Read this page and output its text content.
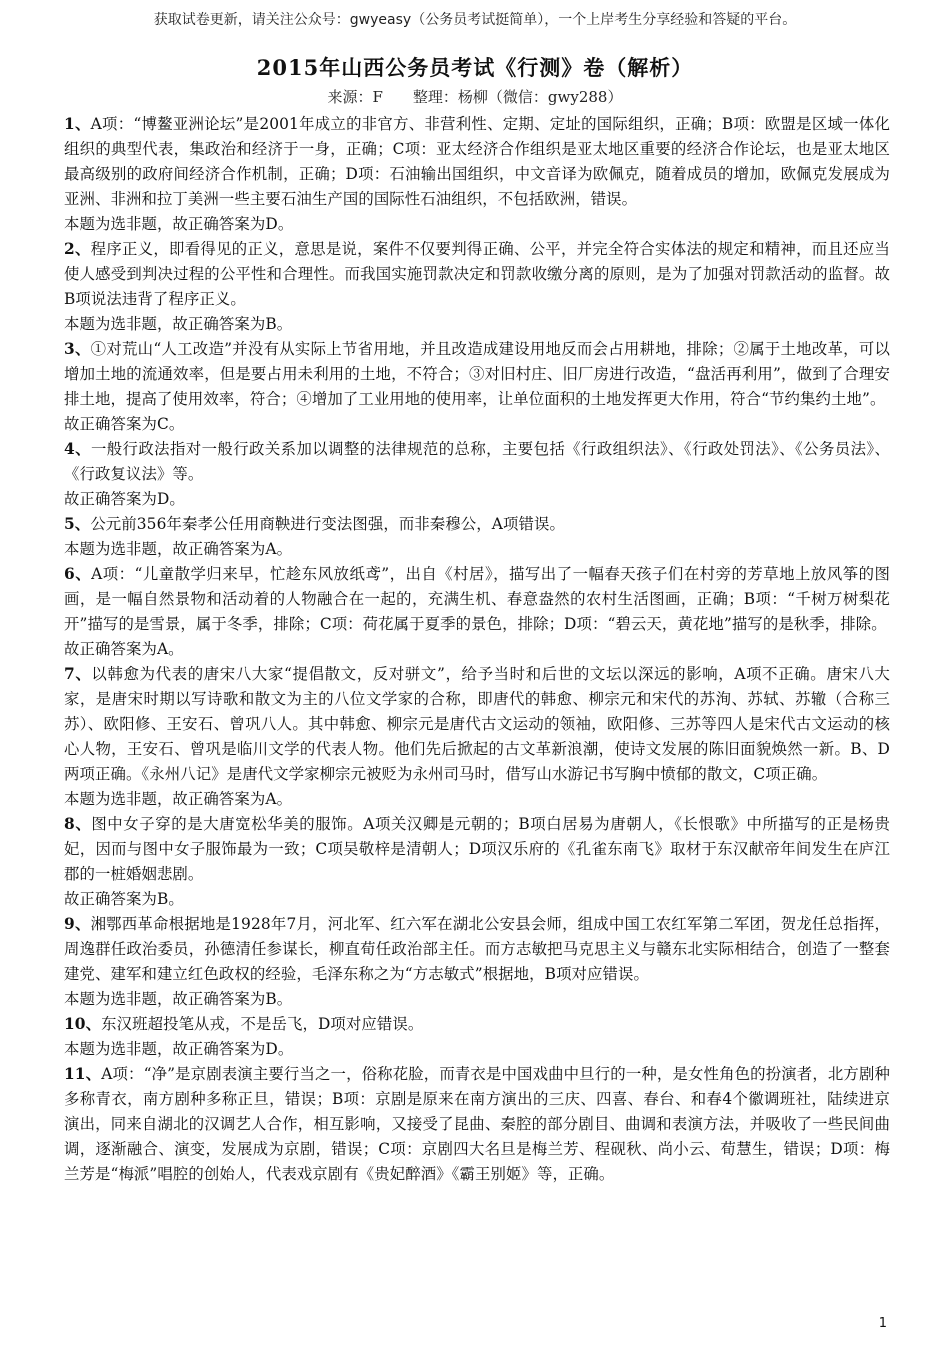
获取试卷更新，请关注公众号：gwyeasy（公务员考试挺简单），一个上岸考生分享经验和答疑的平台。
2015年山西公务员考试《行测》卷（解析）
来源：F　　整理：杨柳（微信：gwy288）

1、A项：“博鳌亚洲论坛”是2001年成立的非官方、非营利性、定期、定址的国际组织，正确；B项：欧盟是区域一体化组织的典型代表，集政治和经济于一身，正确；C项：亚太经济合作组织是亚太地区重要的经济合作论坛，也是亚太地区最高级别的政府间经济合作机制，正确；D项：石油输出国组织，中文音译为欧佩克，随着成员的增加，欧佩克发展成为亚洲、非洲和拉丁美洲一些主要石油生产国的国际性石油组织，不包括欧洲，错误。

本题为选非题，故正确答案为D。

2、程序正义，即看得见的正义，意思是说，案件不仅要判得正确、公平，并完全符合实体法的规定和精神，而且还应当使人感受到判决过程的公平性和合理性。而我国实施罚款决定和罚款收缴分离的原则，是为了加强对罚款活动的监督。故B项说法违背了程序正义。

本题为选非题，故正确答案为B。

3、①对荒山“人工改造”并没有从实际上节省用地，并且改造成建设用地反而会占用耕地，排除；②属于土地改革，可以增加土地的流通效率，但是要占用未利用的土地，不符合；③对旧村庄、旧厂房进行改造，“盘活再利用”，做到了合理安排土地，提高了使用效率，符合；④增加了工业用地的使用率，让单位面积的土地发挥更大作用，符合“节约集约土地”。

故正确答案为C。

4、一般行政法指对一般行政关系加以调整的法律规范的总称，主要包括《行政组织法》、《行政处罚法》、《公务员法》、《行政复议法》等。

故正确答案为D。

5、公元前356年秦孝公任用商鞅进行变法图强，而非秦穆公，A项错误。

本题为选非题，故正确答案为A。

6、A项：“儿童散学归来早，忙趁东风放纸鸢”，出自《村居》，描写出了一幅春天孩子们在村旁的芳草地上放风筝的图画，是一幅自然景物和活动着的人物融合在一起的，充满生机、春意盎然的农村生活图画，正确；B项：“千树万树梨花开”描写的是雪景，属于冬季，排除；C项：荷花属于夏季的景色，排除；D项：“碧云天，黄花地”描写的是秋季，排除。

故正确答案为A。

7、以韩愈为代表的唐宋八大家“提倡散文，反对骈文”，给予当时和后世的文坛以深远的影响，A项不正确。唐宋八大家，是唐宋时期以写诗歌和散文为主的八位文学家的合称，即唐代的韩愈、柳宗元和宋代的苏洵、苏轼、苏辙（合称三苏）、欧阳修、王安石、曾巩八人。其中韩愈、柳宗元是唐代古文运动的领袖，欧阳修、三苏等四人是宋代古文运动的核心人物，王安石、曾巩是临川文学的代表人物。他们先后掀起的古文革新浪潮，使诗文发展的陈旧面貌焕然一新。B、D两项正确。《永州八记》是唐代文学家柳宗元被贬为永州司马时，借写山水游记书写胸中愤郁的散文，C项正确。

本题为选非题，故正确答案为A。

8、图中女子穿的是大唐宽松华美的服饰。A项关汉卿是元朝的；B项白居易为唐朝人，《长恨歌》中所描写的正是杨贵妃，因而与图中女子服饰最为一致；C项吴敬梓是清朝人；D项汉乐府的《孔雀东南飞》取材于东汉献帝年间发生在庐江郡的一桩婚姻悲剧。

故正确答案为B。

9、湘鄂西革命根据地是1928年7月，河北军、红六军在湖北公安县会师，组成中国工农红军第二军团，贺龙任总指挥，周逸群任政治委员，孙德清任参谋长，柳直荀任政治部主任。而方志敏把马克思主义与赣东北实际相结合，创造了一整套建党、建军和建立红色政权的经验，毛泽东称之为“方志敏式”根据地，B项对应错误。

本题为选非题，故正确答案为B。

10、东汉班超投笔从戎，不是岳飞，D项对应错误。

本题为选非题，故正确答案为D。

11、A项：“净”是京剧表演主要行当之一，俗称花脸，而青衣是中国戏曲中旦行的一种，是女性角色的扮演者，北方剧种多称青衣，南方剧种多称正旦，错误；B项：京剧是原来在南方演出的三庆、四喜、春台、和春4个徽调班社，陆续进京演出，同来自湖北的汉调艺人合作，相互影响，又接受了昆曲、秦腔的部分剧目、曲调和表演方法，并吸收了一些民间曲调，逐渐融合、演变，发展成为京剧，错误；C项：京剧四大名旦是梅兰芳、程砚秋、尚小云、荀慧生，错误；D项：梅兰芳是“梅派”唱腔的创始人，代表戏京剧有《贵妃醉酒》《霸王别姬》等，正确。

1
